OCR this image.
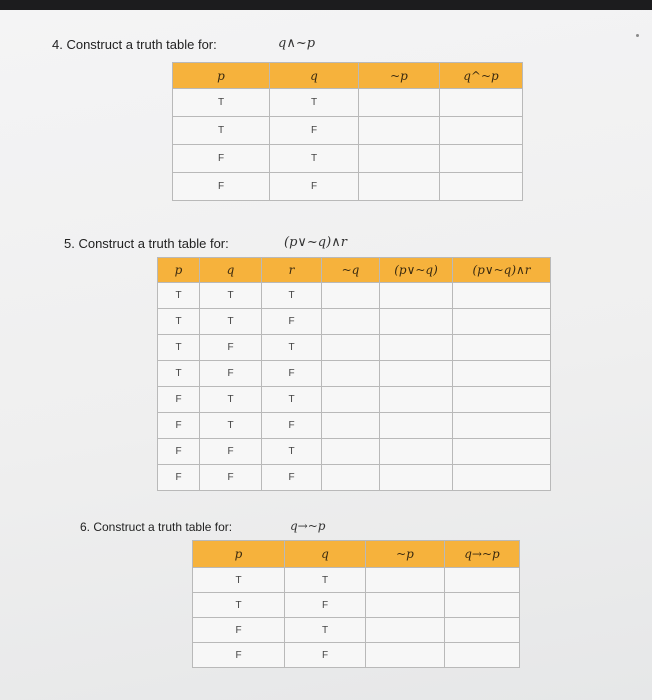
4. Construct a truth table for:	q∧~p
p	q	~p	q^~p
T	T		
T	F		
F	T		
F	F		
5. Construct a truth table for:	(p∨~q)∧r
p	q	r	~q	(p∨~q)	(p∨~q)∧r
T	T	T			
T	T	F			
T	F	T			
T	F	F			
F	T	T			
F	T	F			
F	F	T			
F	F	F			
6. Construct a truth table for:	q→~p
p	q	~p	q→~p
T	T		
T	F		
F	T		
F	F		
